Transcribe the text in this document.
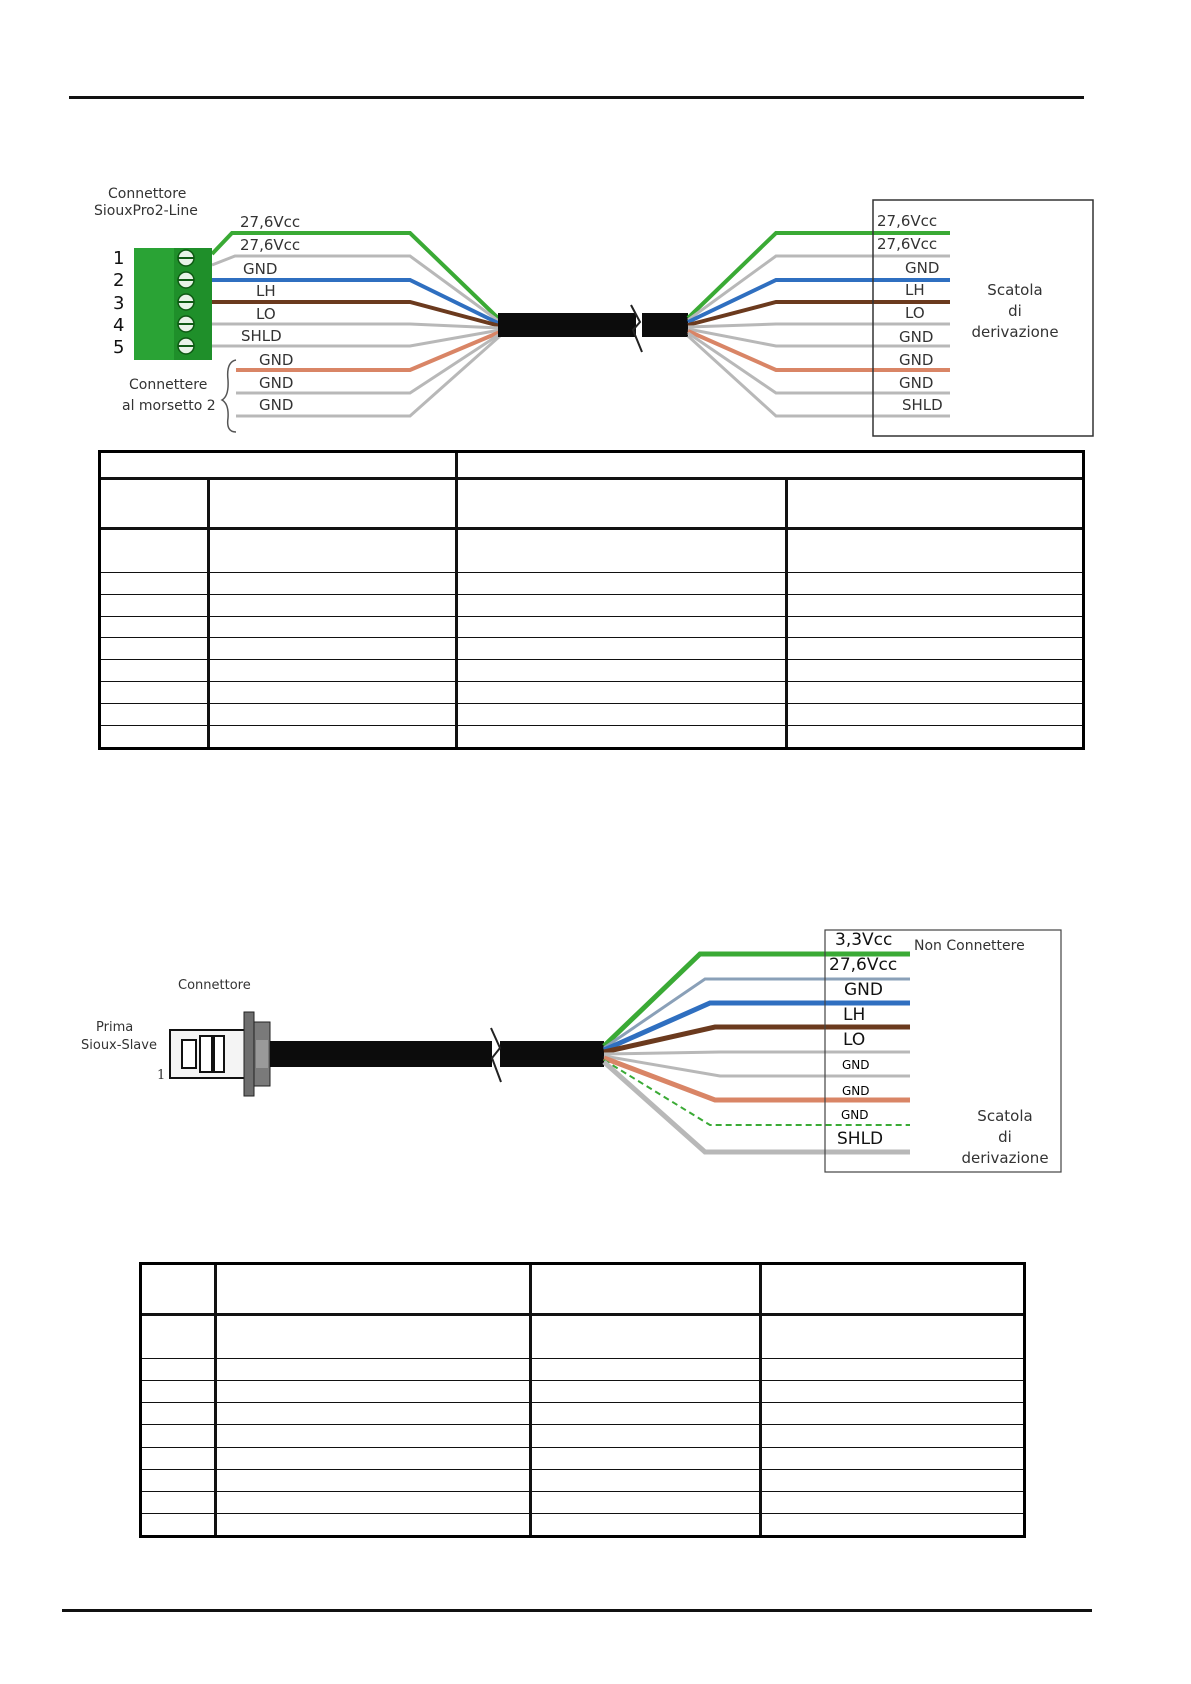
Connettore
SiouxPro2-Line
1
2
3
4
5
27,6Vcc
27,6Vcc
GND
LH
LO
SHLD
Connettere
al morsetto 2
GND
GND
GND
27,6Vcc
27,6Vcc
GND
LH
LO
GND
GND
GND
SHLD
Scatola
di
derivazione

Connettore
Prima
Sioux-Slave
1
3,3Vcc
27,6Vcc
GND
LH
LO
GND
GND
GND
SHLD
Non Connettere
Scatola
di
derivazione
